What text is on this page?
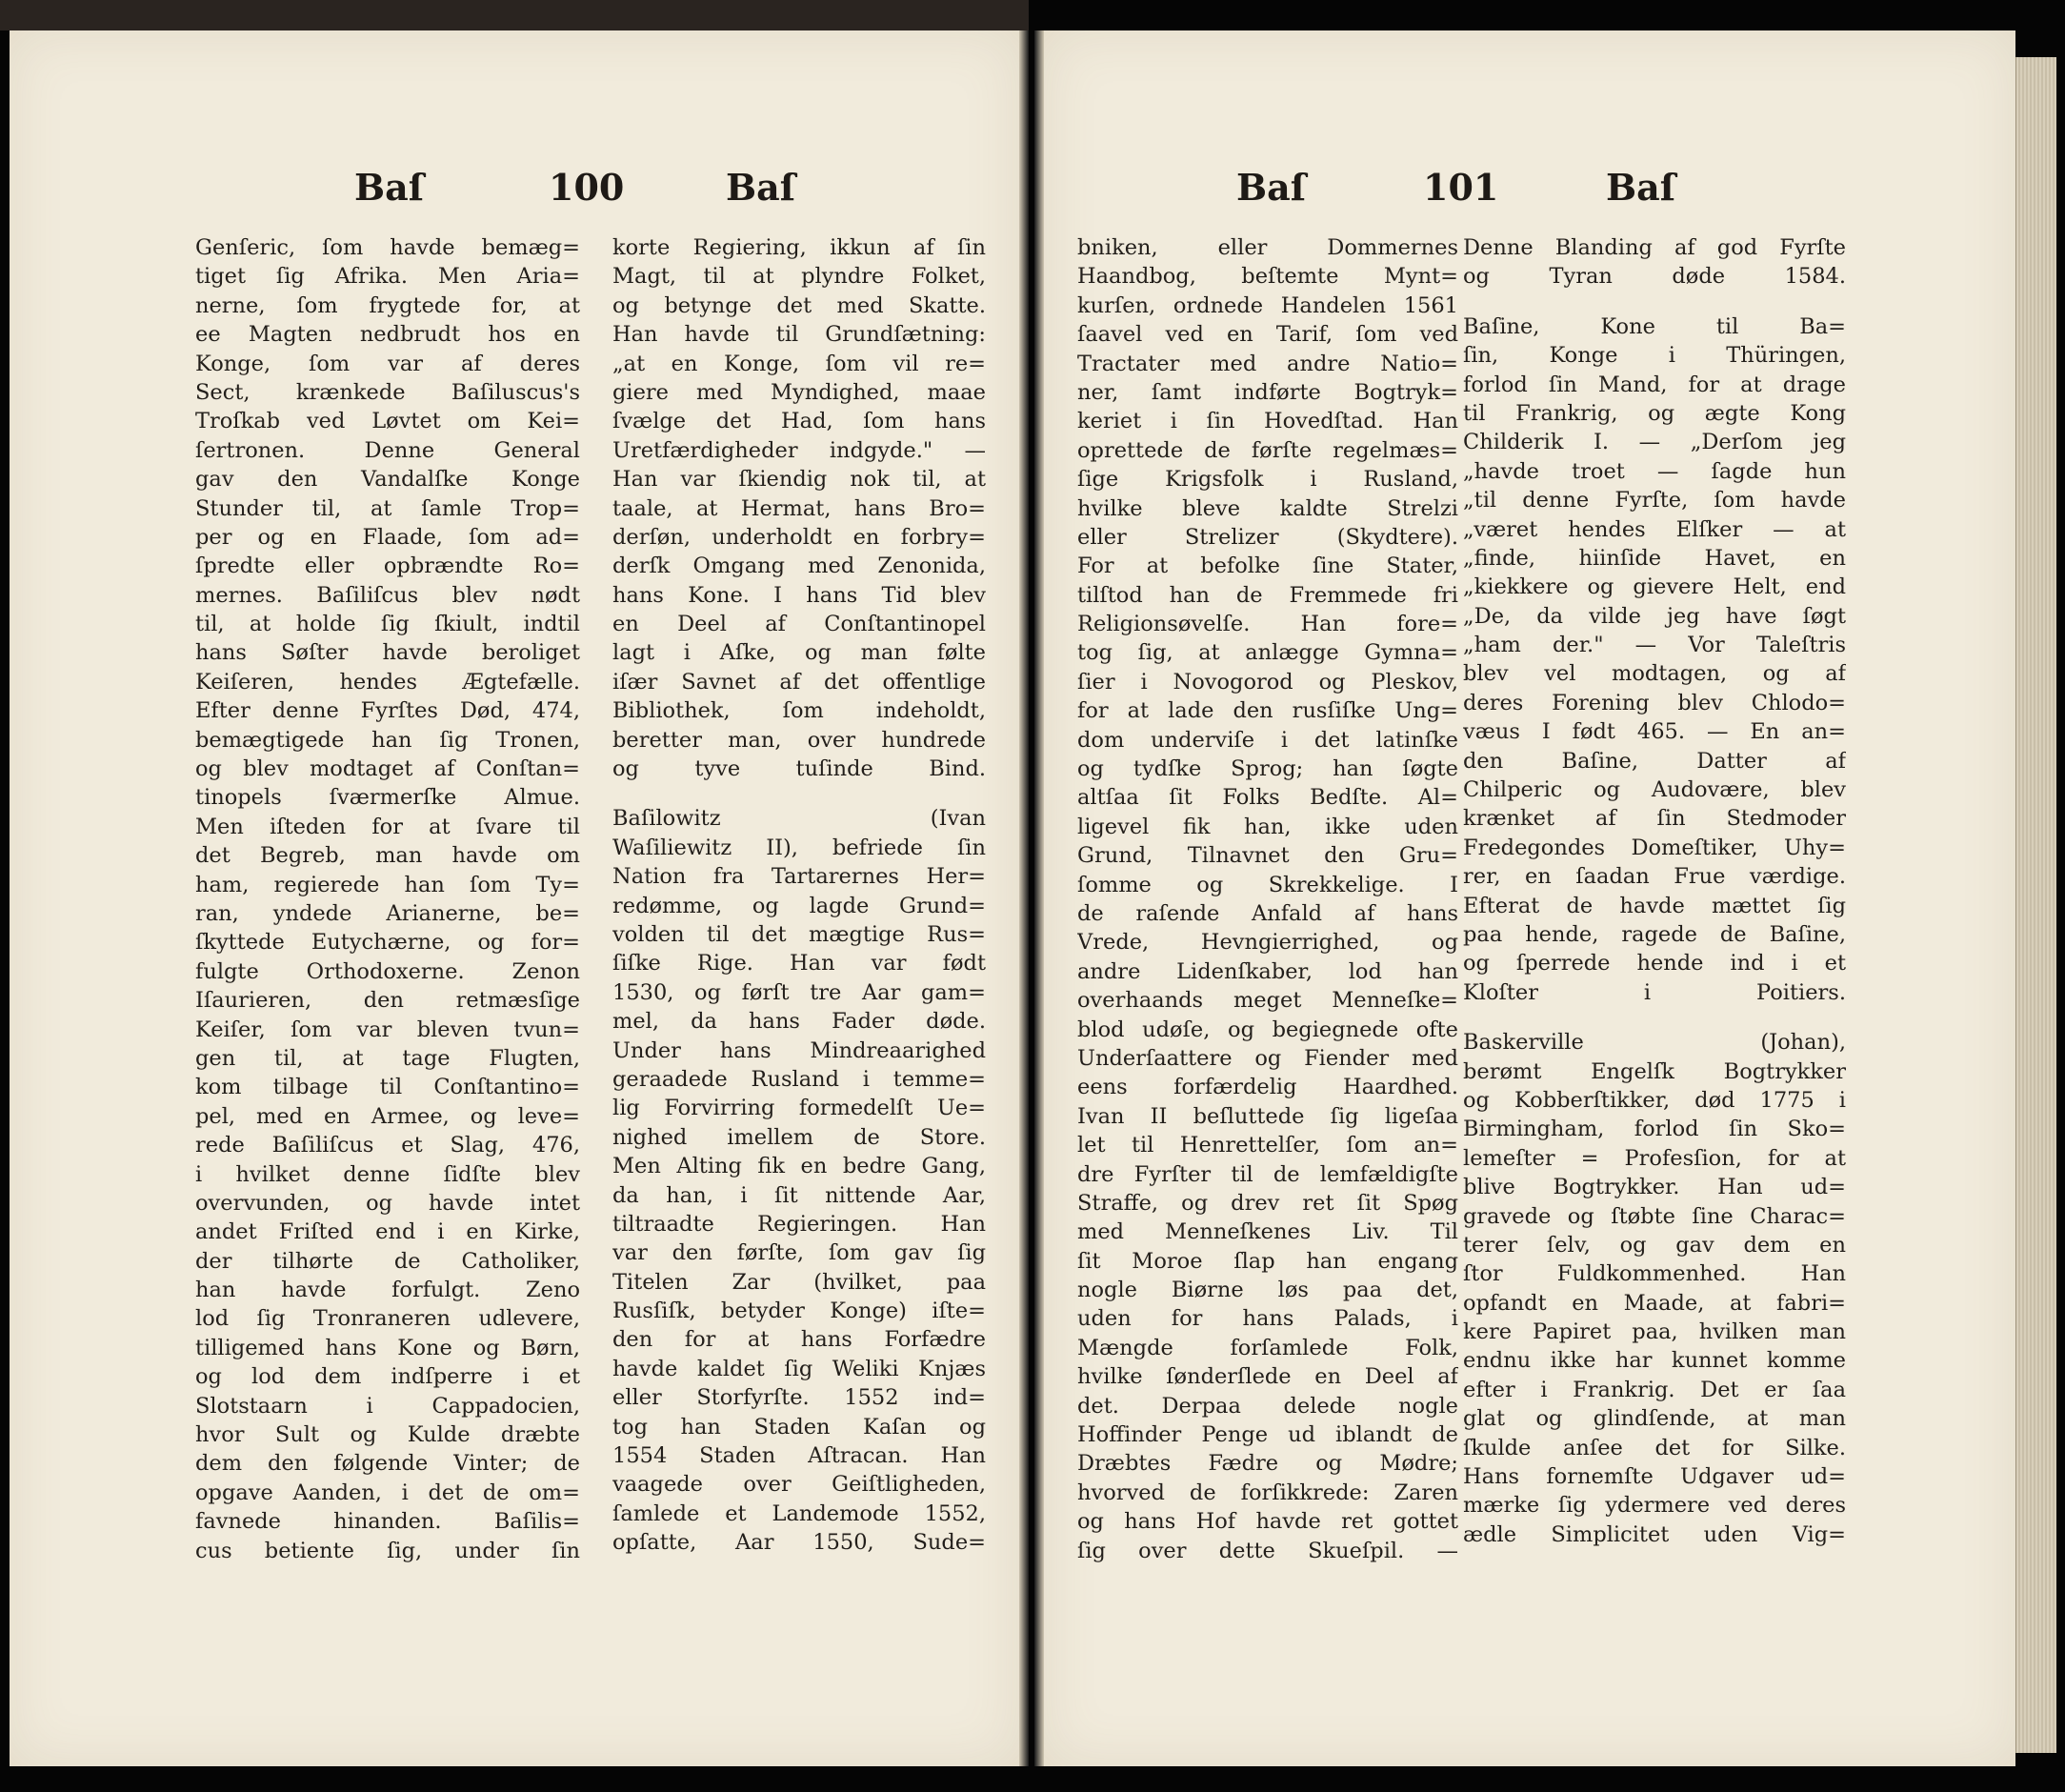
Baſ	100	Baſ
Genſeric, ſom havde bemæg=
tiget ſig Afrika. Men Aria=
nerne, ſom frygtede for, at
ee Magten nedbrudt hos en
Konge, ſom var af deres
Sect, krænkede Baſiluscus's
Troſkab ved Løvtet om Kei=
ſertronen. Denne General
gav den Vandalſke Konge
Stunder til, at ſamle Trop=
per og en Flaade, ſom ad=
ſpredte eller opbrændte Ro=
mernes. Baſiliſcus blev nødt
til, at holde ſig ſkiult, indtil
hans Søſter havde beroliget
Keiſeren, hendes Ægtefælle.
Efter denne Fyrſtes Død, 474,
bemægtigede han ſig Tronen,
og blev modtaget af Conſtan=
tinopels ſværmerſke Almue.
Men iſteden for at ſvare til
det Begreb, man havde om
ham, regierede han ſom Ty=
ran, yndede Arianerne, be=
ſkyttede Eutychærne, og for=
fulgte Orthodoxerne. Zenon
Iſaurieren, den retmæsſige
Keiſer, ſom var bleven tvun=
gen til, at tage Flugten,
kom tilbage til Conſtantino=
pel, med en Armee, og leve=
rede Baſiliſcus et Slag, 476,
i hvilket denne ſidſte blev
overvunden, og havde intet
andet Friſted end i en Kirke,
der tilhørte de Catholiker,
han havde forfulgt. Zeno
lod ſig Tronraneren udlevere,
tilligemed hans Kone og Børn,
og lod dem indſperre i et
Slotstaarn i Cappadocien,
hvor Sult og Kulde dræbte
dem den følgende Vinter; de
opgave Aanden, i det de om=
favnede hinanden. Baſilis=
cus betiente ſig, under ſin
korte Regiering, ikkun af ſin
Magt, til at plyndre Folket,
og betynge det med Skatte.
Han havde til Grundſætning:
„at en Konge, ſom vil re=
giere med Myndighed, maae
ſvælge det Had, ſom hans
Uretfærdigheder indgyde." —
Han var ſkiendig nok til, at
taale, at Hermat, hans Bro=
derſøn, underholdt en forbry=
derſk Omgang med Zenonida,
hans Kone. I hans Tid blev
en Deel af Conſtantinopel
lagt i Aſke, og man følte
iſær Savnet af det offentlige
Bibliothek, ſom indeholdt,
beretter man, over hundrede
og tyve tuſinde Bind.
Baſilowitz (Ivan
Waſiliewitz II), befriede ſin
Nation fra Tartarernes Her=
redømme, og lagde Grund=
volden til det mægtige Rus=
ſiſke Rige. Han var født
1530, og førſt tre Aar gam=
mel, da hans Fader døde.
Under hans Mindreaarighed
geraadede Rusland i temme=
lig Forvirring formedelſt Ue=
nighed imellem de Store.
Men Alting fik en bedre Gang,
da han, i ſit nittende Aar,
tiltraadte Regieringen. Han
var den førſte, ſom gav ſig
Titelen Zar (hvilket, paa
Rusſiſk, betyder Konge) iſte=
den for at hans Forfædre
havde kaldet ſig Weliki Knjæs
eller Storfyrſte. 1552 ind=
tog han Staden Kaſan og
1554 Staden Aſtracan. Han
vaagede over Geiſtligheden,
ſamlede et Landemode 1552,
opſatte, Aar 1550, Sude=
Baſ	101	Baſ
bniken, eller Dommernes
Haandbog, beſtemte Mynt=
kurſen, ordnede Handelen 1561
ſaavel ved en Tarif, ſom ved
Tractater med andre Natio=
ner, ſamt indførte Bogtryk=
keriet i ſin Hovedſtad. Han
oprettede de førſte regelmæs=
ſige Krigsfolk i Rusland,
hvilke bleve kaldte Strelzi
eller Strelizer (Skydtere).
For at befolke ſine Stater,
tilſtod han de Fremmede fri
Religionsøvelſe. Han fore=
tog ſig, at anlægge Gymna=
ſier i Novogorod og Pleskov,
for at lade den rusſiſke Ung=
dom underviſe i det latinſke
og tydſke Sprog; han ſøgte
altſaa ſit Folks Bedſte. Al=
ligevel fik han, ikke uden
Grund, Tilnavnet den Gru=
ſomme og Skrekkelige. I
de raſende Anfald af hans
Vrede, Hevngierrighed, og
andre Lidenſkaber, lod han
overhaands meget Menneſke=
blod udøſe, og begiegnede ofte
Underſaattere og Fiender med
eens forfærdelig Haardhed.
Ivan II beſluttede ſig ligeſaa
let til Henrettelſer, ſom an=
dre Fyrſter til de lemfældigſte
Straffe, og drev ret ſit Spøg
med Menneſkenes Liv. Til
ſit Moroe ſlap han engang
nogle Biørne løs paa det,
uden for hans Palads, i
Mængde forſamlede Folk,
hvilke ſønderſlede en Deel af
det. Derpaa delede nogle
Hoffinder Penge ud iblandt de
Dræbtes Fædre og Mødre;
hvorved de forſikkrede: Zaren
og hans Hof havde ret gottet
ſig over dette Skueſpil. —
Denne Blanding af god Fyrſte
og Tyran døde 1584.
Baſine, Kone til Ba=
ſin, Konge i Thüringen,
forlod ſin Mand, for at drage
til Frankrig, og ægte Kong
Childerik I. — „Derſom jeg
„havde troet — ſagde hun
„til denne Fyrſte, ſom havde
„været hendes Elſker — at
„finde, hiinſide Havet, en
„kiekkere og gievere Helt, end
„De, da vilde jeg have ſøgt
„ham der." — Vor Taleſtris
blev vel modtagen, og af
deres Forening blev Chlodo=
væus I født 465. — En an=
den Baſine, Datter af
Chilperic og Audovære, blev
krænket af ſin Stedmoder
Fredegondes Domeſtiker, Uhy=
rer, en ſaadan Frue værdige.
Efterat de havde mættet ſig
paa hende, ragede de Baſine,
og ſperrede hende ind i et
Kloſter i Poitiers.
Baskerville (Johan),
berømt Engelſk Bogtrykker
og Kobberſtikker, død 1775 i
Birmingham, forlod ſin Sko=
lemeſter = Profesſion, for at
blive Bogtrykker. Han ud=
gravede og ſtøbte ſine Charac=
terer ſelv, og gav dem en
ſtor Fuldkommenhed. Han
opfandt en Maade, at fabri=
kere Papiret paa, hvilken man
endnu ikke har kunnet komme
efter i Frankrig. Det er ſaa
glat og glindſende, at man
ſkulde anſee det for Silke.
Hans fornemſte Udgaver ud=
mærke ſig ydermere ved deres
ædle Simplicitet uden Vig=
